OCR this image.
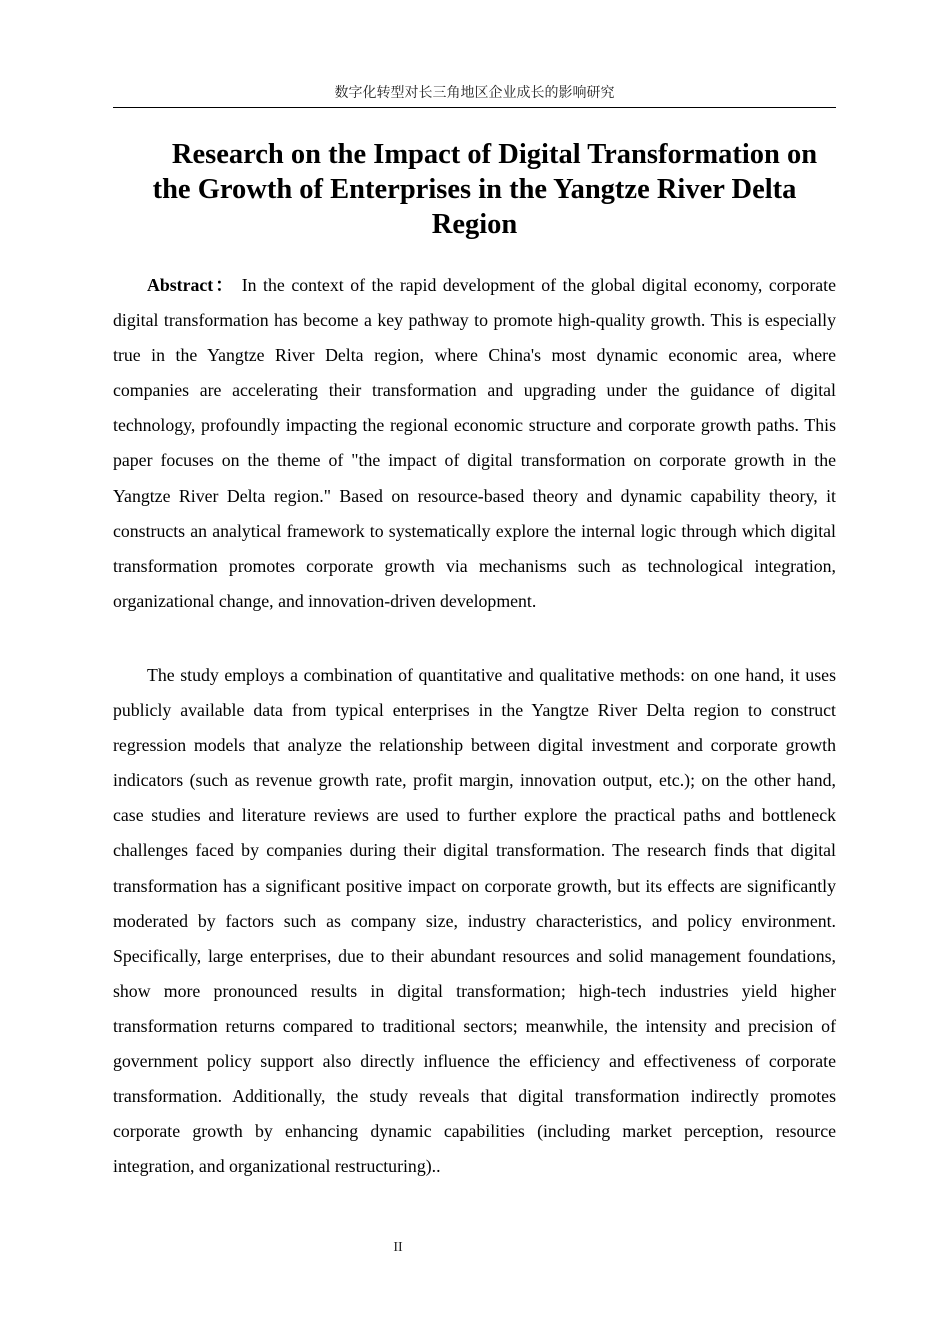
数字化转型对长三角地区企业成长的影响研究
Research on the Impact of Digital Transformation on
the Growth of Enterprises in the Yangtze River Delta
Region

Abstract： In the context of the rapid development of the global digital economy, corporate digital transformation has become a key pathway to promote high-quality growth. This is especially true in the Yangtze River Delta region, where China's most dynamic economic area, where companies are accelerating their transformation and upgrading under the guidance of digital technology, profoundly impacting the regional economic structure and corporate growth paths. This paper focuses on the theme of "the impact of digital transformation on corporate growth in the Yangtze River Delta region." Based on resource-based theory and dynamic capability theory, it constructs an analytical framework to systematically explore the internal logic through which digital transformation promotes corporate growth via mechanisms such as technological integration, organizational change, and innovation-driven development.

The study employs a combination of quantitative and qualitative methods: on one hand, it uses publicly available data from typical enterprises in the Yangtze River Delta region to construct regression models that analyze the relationship between digital investment and corporate growth indicators (such as revenue growth rate, profit margin, innovation output, etc.); on the other hand, case studies and literature reviews are used to further explore the practical paths and bottleneck challenges faced by companies during their digital transformation. The research finds that digital transformation has a significant positive impact on corporate growth, but its effects are significantly moderated by factors such as company size, industry characteristics, and policy environment. Specifically, large enterprises, due to their abundant resources and solid management foundations, show more pronounced results in digital transformation; high-tech industries yield higher transformation returns compared to traditional sectors; meanwhile, the intensity and precision of government policy support also directly influence the efficiency and effectiveness of corporate transformation. Additionally, the study reveals that digital transformation indirectly promotes corporate growth by enhancing dynamic capabilities (including market perception, resource integration, and organizational restructuring)..

II
